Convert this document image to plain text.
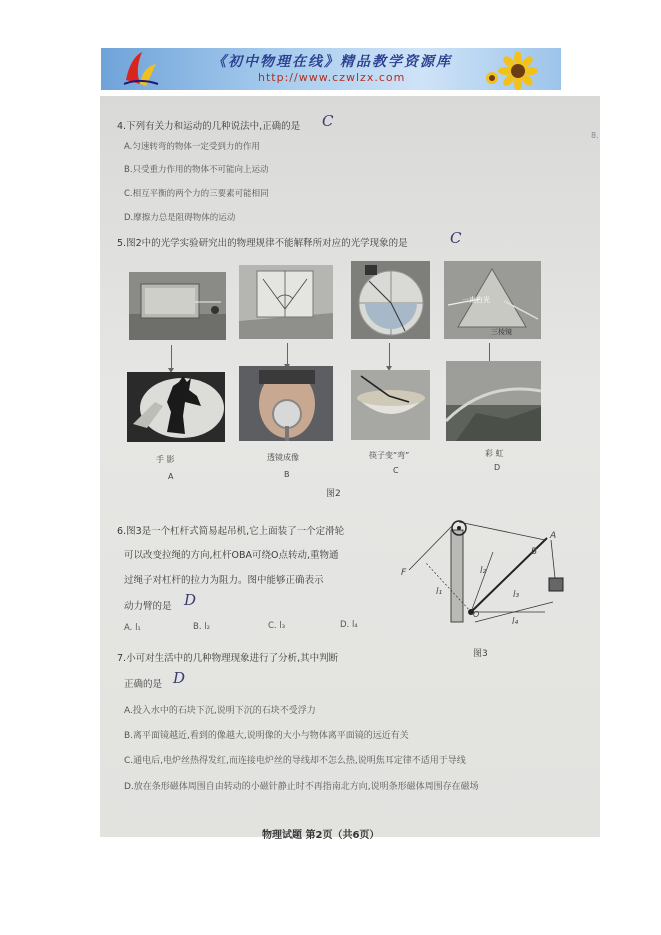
《初中物理在线》精品教学资源库
http://www.czwlzx.com
4.下列有关力和运动的几种说法中,正确的是 C
A.匀速转弯的物体一定受到力的作用
B.只受重力作用的物体不可能向上运动
C.相互平衡的两个力的三要素可能相同
D.摩擦力总是阻碍物体的运动
8.
5.图2中的光学实验研究出的物理规律不能解释所对应的光学现象的是	C
一束白光
三棱镜
手 影
A
透镜成像
B
筷子变“弯”
C
彩 虹
D
图2
6.图3是一个杠杆式简易起吊机,它上面装了一个定滑轮
可以改变拉绳的方向,杠杆OBA可绕O点转动,重物通
过绳子对杠杆的拉力为阻力。图中能够正确表示
动力臂的是 D
A. l₁	B. l₂	C. l₃	D. l₄
F
A
B
O
l₁
l₂
l₃
l₄
图3
7.小可对生活中的几种物理现象进行了分析,其中判断
正确的是 D
A.投入水中的石块下沉,说明下沉的石块不受浮力
B.离平面镜越近,看到的像越大,说明像的大小与物体离平面镜的远近有关
C.通电后,电炉丝热得发红,而连接电炉丝的导线却不怎么热,说明焦耳定律不适用于导线
D.放在条形磁体周围自由转动的小磁针静止时不再指南北方向,说明条形磁体周围存在磁场
物理试题 第2页（共6页）
